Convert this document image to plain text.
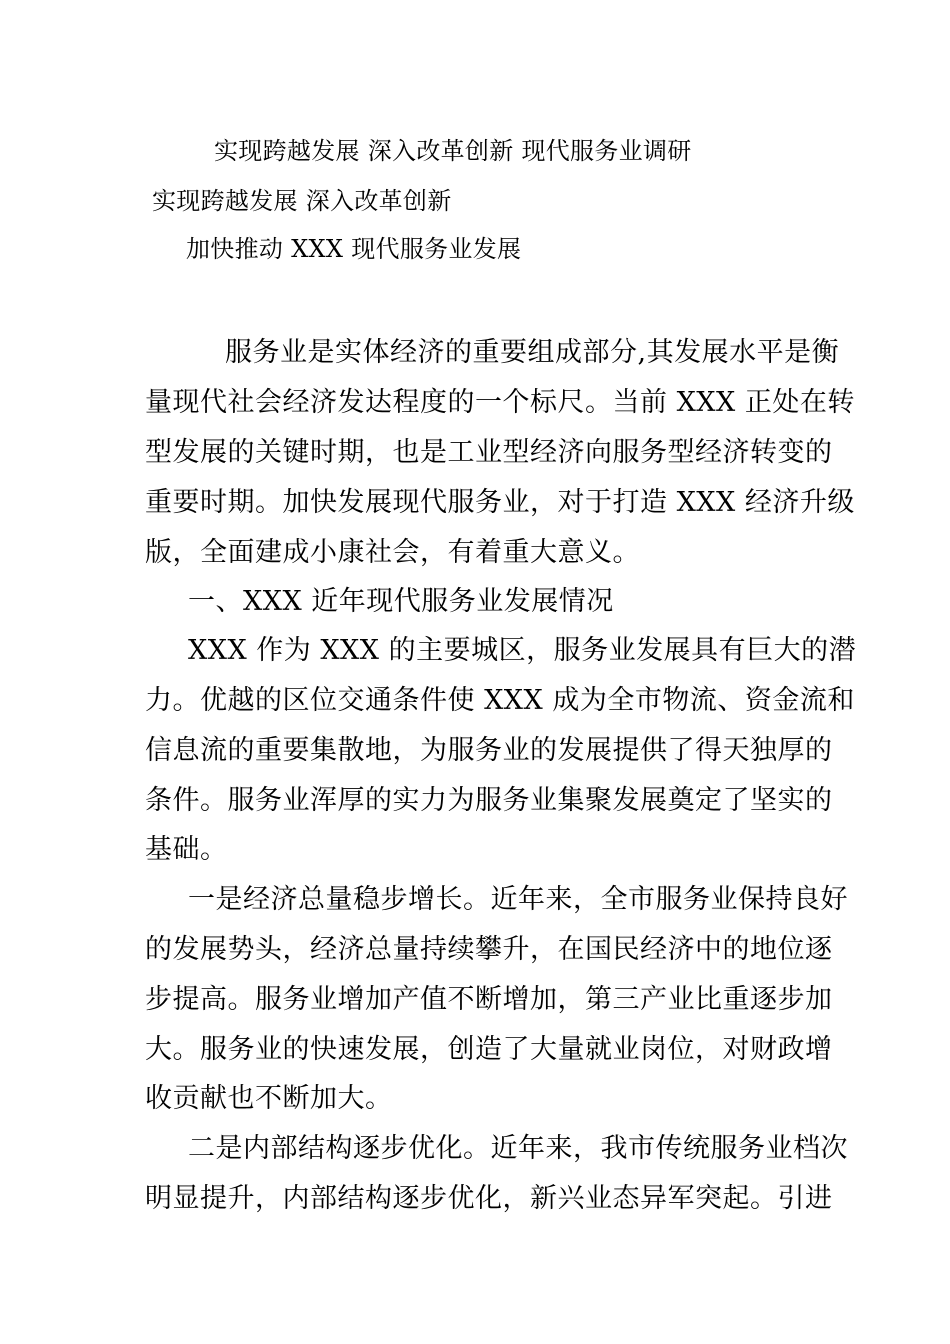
实现跨越发展 深入改革创新 现代服务业调研
实现跨越发展 深入改革创新
加快推动 XXX 现代服务业发展
服务业是实体经济的重要组成部分,其发展水平是衡
量现代社会经济发达程度的一个标尺。当前 XXX 正处在转
型发展的关键时期，也是工业型经济向服务型经济转变的
重要时期。加快发展现代服务业，对于打造 XXX 经济升级
版，全面建成小康社会，有着重大意义。
一、XXX 近年现代服务业发展情况
XXX 作为 XXX 的主要城区，服务业发展具有巨大的潜
力。优越的区位交通条件使 XXX 成为全市物流、资金流和
信息流的重要集散地，为服务业的发展提供了得天独厚的
条件。服务业浑厚的实力为服务业集聚发展奠定了坚实的
基础。
一是经济总量稳步增长。近年来，全市服务业保持良好
的发展势头，经济总量持续攀升，在国民经济中的地位逐
步提高。服务业增加产值不断增加，第三产业比重逐步加
大。服务业的快速发展，创造了大量就业岗位，对财政增
收贡献也不断加大。
二是内部结构逐步优化。近年来，我市传统服务业档次
明显提升，内部结构逐步优化，新兴业态异军突起。引进
